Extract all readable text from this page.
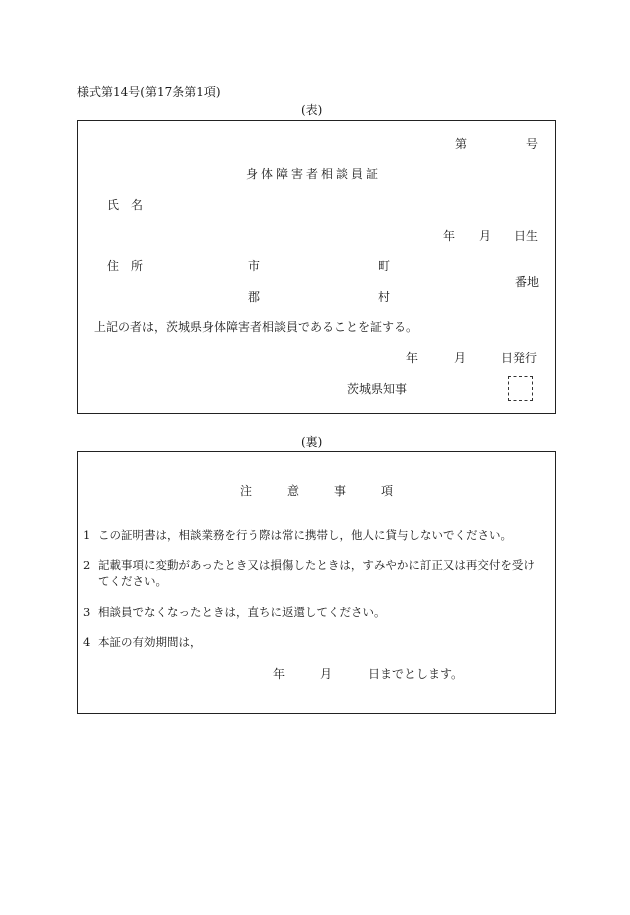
様式第14号(第17条第1項)
(表)
第	号
身体障害者相談員証
氏　名
年 月 日生
住　所	市	町
番地
郡	村
上記の者は，茨城県身体障害者相談員であることを証する。
年	月	日発行
茨城県知事
(裏)
注	意	事	項
1 この証明書は，相談業務を行う際は常に携帯し，他人に貸与しないでください。
2 記載事項に変動があったとき又は損傷したときは，すみやかに訂正又は再交付を受け
てください。
3 相談員でなくなったときは，直ちに返還してください。
4 本証の有効期間は，
年	月	日までとします。
